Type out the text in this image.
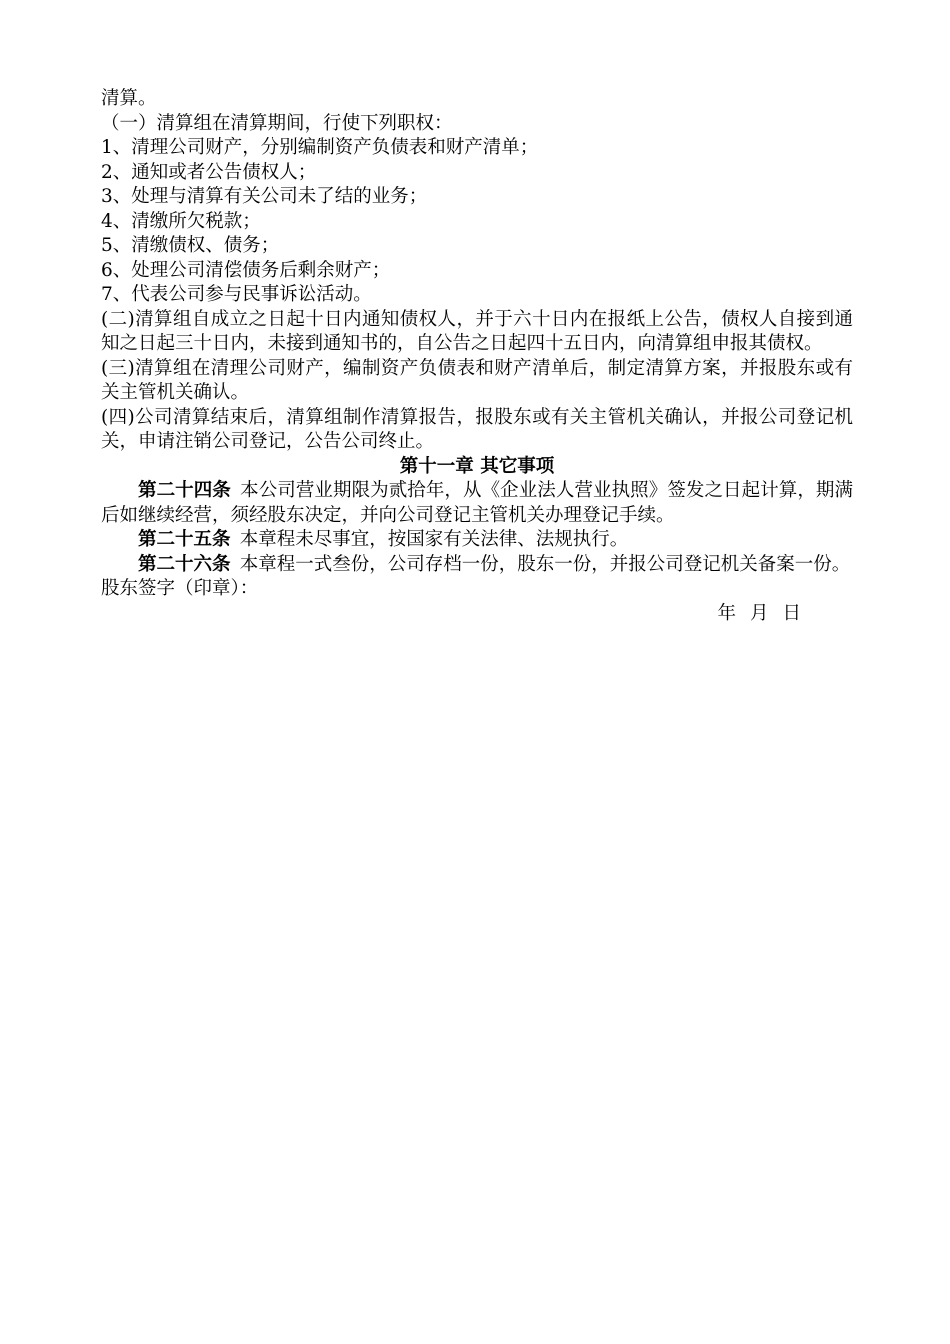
清算。

（一）清算组在清算期间，行使下列职权：

1、清理公司财产，分别编制资产负债表和财产清单；

2、通知或者公告债权人；

3、处理与清算有关公司未了结的业务；

4、清缴所欠税款；

5、清缴债权、债务；

6、处理公司清偿债务后剩余财产；

7、代表公司参与民事诉讼活动。

(二)清算组自成立之日起十日内通知债权人，并于六十日内在报纸上公告，债权人自接到通知之日起三十日内，未接到通知书的，自公告之日起四十五日内，向清算组申报其债权。

(三)清算组在清理公司财产，编制资产负债表和财产清单后，制定清算方案，并报股东或有关主管机关确认。

(四)公司清算结束后，清算组制作清算报告，报股东或有关主管机关确认，并报公司登记机关，申请注销公司登记，公告公司终止。

第十一章 其它事项

第二十四条 本公司营业期限为贰拾年，从《企业法人营业执照》签发之日起计算，期满后如继续经营，须经股东决定，并向公司登记主管机关办理登记手续。

第二十五条 本章程未尽事宜，按国家有关法律、法规执行。

第二十六条 本章程一式叁份，公司存档一份，股东一份，并报公司登记机关备案一份。

股东签字（印章）：

年 月 日
